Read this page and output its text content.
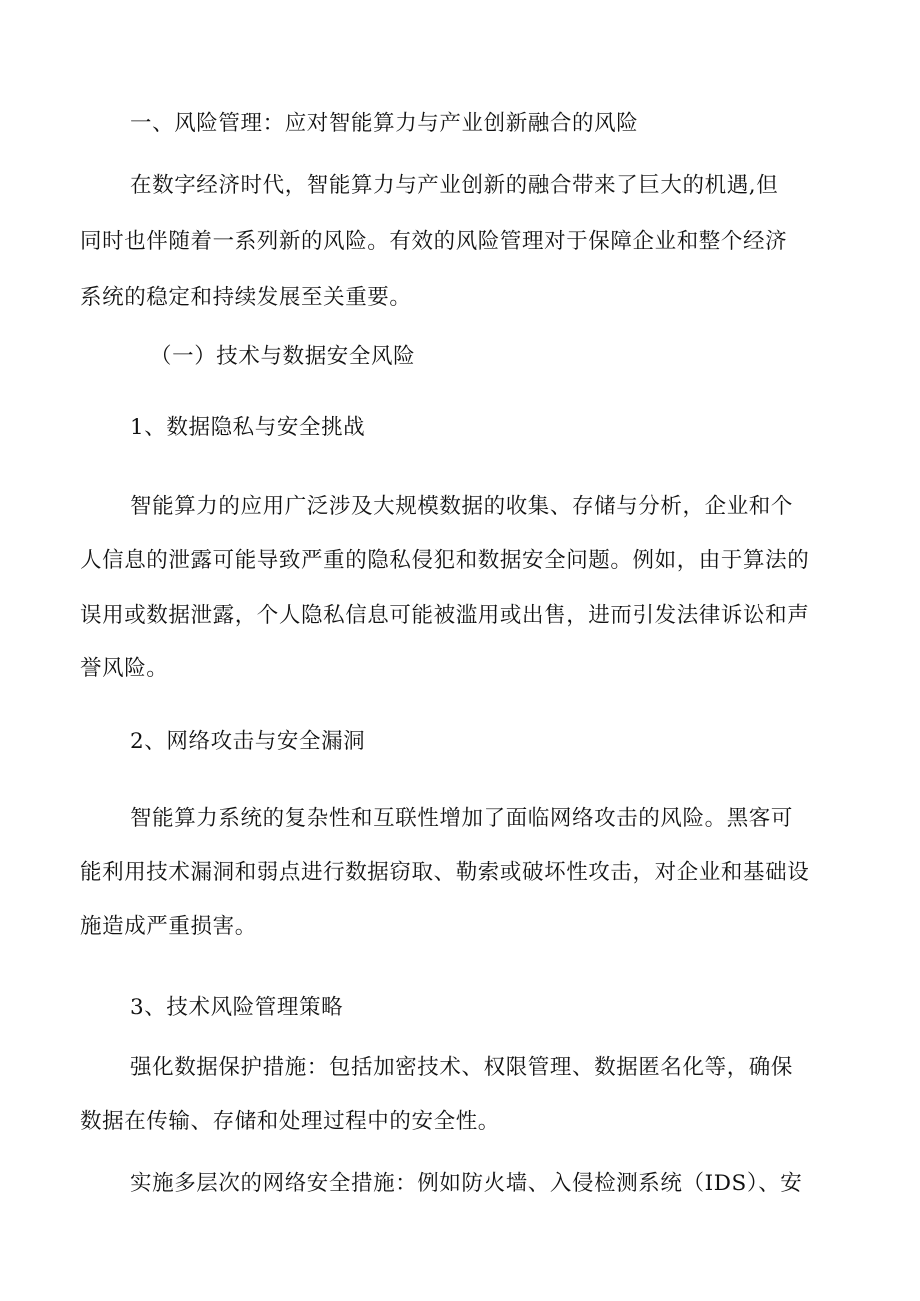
一、风险管理：应对智能算力与产业创新融合的风险
在数字经济时代，智能算力与产业创新的融合带来了巨大的机遇,但
同时也伴随着一系列新的风险。有效的风险管理对于保障企业和整个经济
系统的稳定和持续发展至关重要。
（一）技术与数据安全风险
1、数据隐私与安全挑战
智能算力的应用广泛涉及大规模数据的收集、存储与分析，企业和个
人信息的泄露可能导致严重的隐私侵犯和数据安全问题。例如，由于算法的
误用或数据泄露，个人隐私信息可能被滥用或出售，进而引发法律诉讼和声
誉风险。
2、网络攻击与安全漏洞
智能算力系统的复杂性和互联性增加了面临网络攻击的风险。黑客可
能利用技术漏洞和弱点进行数据窃取、勒索或破坏性攻击，对企业和基础设
施造成严重损害。
3、技术风险管理策略
强化数据保护措施：包括加密技术、权限管理、数据匿名化等，确保
数据在传输、存储和处理过程中的安全性。
实施多层次的网络安全措施：例如防火墙、入侵检测系统（IDS）、安
